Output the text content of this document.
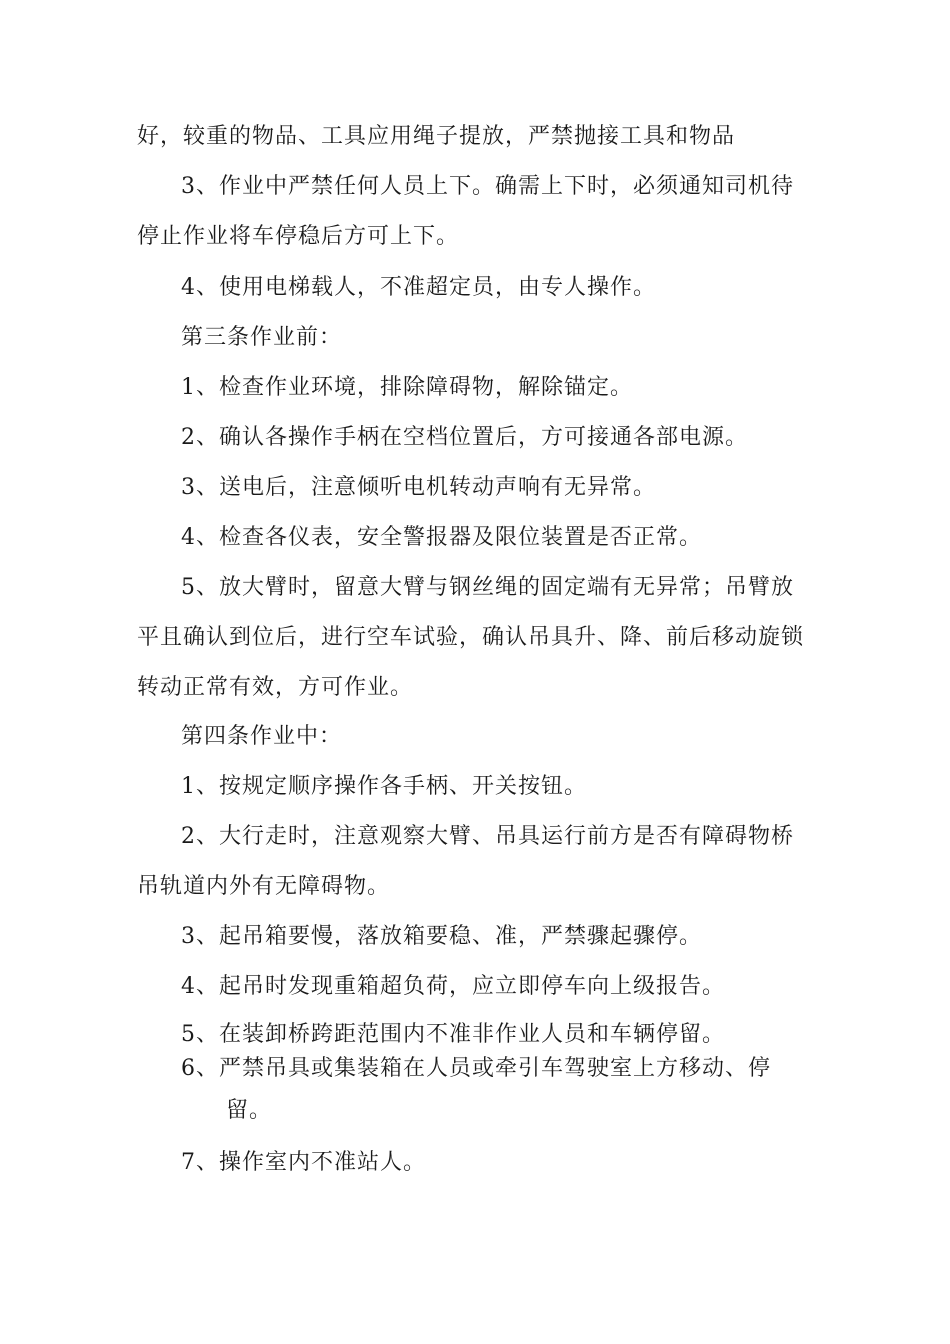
好，较重的物品、工具应用绳子提放，严禁抛接工具和物品
3、作业中严禁任何人员上下。确需上下时，必须通知司机待
停止作业将车停稳后方可上下。
4、使用电梯载人，不准超定员，由专人操作。
第三条作业前：
1、检查作业环境，排除障碍物，解除锚定。
2、确认各操作手柄在空档位置后，方可接通各部电源。
3、送电后，注意倾听电机转动声响有无异常。
4、检查各仪表，安全警报器及限位装置是否正常。
5、放大臂时，留意大臂与钢丝绳的固定端有无异常；吊臂放
平且确认到位后，进行空车试验，确认吊具升、降、前后移动旋锁
转动正常有效，方可作业。
第四条作业中：
1、按规定顺序操作各手柄、开关按钮。
2、大行走时，注意观察大臂、吊具运行前方是否有障碍物桥
吊轨道内外有无障碍物。
3、起吊箱要慢，落放箱要稳、准，严禁骤起骤停。
4、起吊时发现重箱超负荷，应立即停车向上级报告。
5、在装卸桥跨距范围内不准非作业人员和车辆停留。
6、严禁吊具或集装箱在人员或牵引车驾驶室上方移动、停
留。
7、操作室内不准站人。
